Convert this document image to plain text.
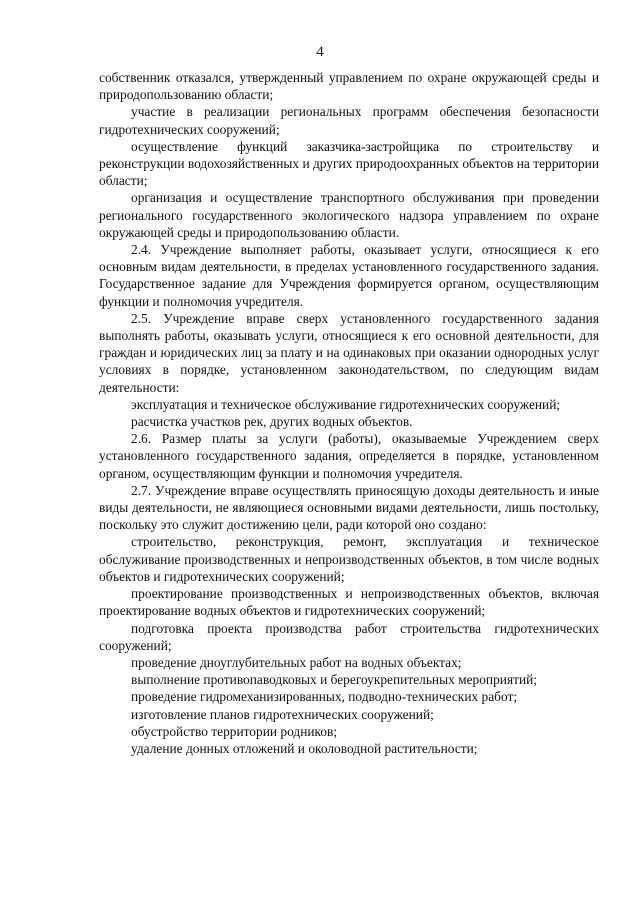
4

собственник отказался, утвержденный управлением по охране окружающей среды и природопользованию области;

участие в реализации региональных программ обеспечения безопасности гидротехнических сооружений;

осуществление функций заказчика-застройщика по строительству и реконструкции водохозяйственных и других природоохранных объектов на территории области;

организация и осуществление транспортного обслуживания при проведении регионального государственного экологического надзора управлением по охране окружающей среды и природопользованию области.

2.4. Учреждение выполняет работы, оказывает услуги, относящиеся к его основным видам деятельности, в пределах установленного государственного задания. Государственное задание для Учреждения формируется органом, осуществляющим функции и полномочия учредителя.

2.5. Учреждение вправе сверх установленного государственного задания выполнять работы, оказывать услуги, относящиеся к его основной деятельности, для граждан и юридических лиц за плату и на одинаковых при оказании однородных услуг условиях в порядке, установленном законодательством, по следующим видам деятельности:

эксплуатация и техническое обслуживание гидротехнических сооружений;

расчистка участков рек, других водных объектов.

2.6. Размер платы за услуги (работы), оказываемые Учреждением сверх установленного государственного задания, определяется в порядке, установленном органом, осуществляющим функции и полномочия учредителя.

2.7. Учреждение вправе осуществлять приносящую доходы деятельность и иные виды деятельности, не являющиеся основными видами деятельности, лишь постольку, поскольку это служит достижению цели, ради которой оно создано:

строительство, реконструкция, ремонт, эксплуатация и техническое обслуживание производственных и непроизводственных объектов, в том числе водных объектов и гидротехнических сооружений;

проектирование производственных и непроизводственных объектов, включая проектирование водных объектов и гидротехнических сооружений;

подготовка проекта производства работ строительства гидротехнических сооружений;

проведение дноуглубительных работ на водных объектах;

выполнение противопаводковых и берегоукрепительных мероприятий;

проведение гидромеханизированных, подводно-технических работ;

изготовление планов гидротехнических сооружений;

обустройство территории родников;

удаление донных отложений и околоводной растительности;
